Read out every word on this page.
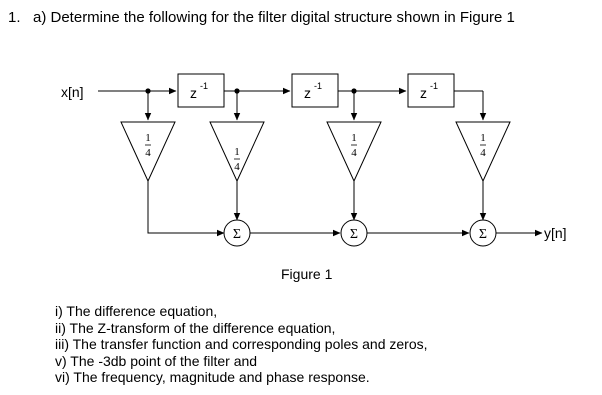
1. a) Determine the following for the filter digital structure shown in Figure 1
x[n]	z -1	z -1	z -1
1
4	1
4
1
4
1
4
Σ	Σ	Σ	y[n]
Figure 1
i) The difference equation,
ii) The Z-transform of the difference equation,
iii) The transfer function and corresponding poles and zeros,
v) The -3db point of the filter and
vi) The frequency, magnitude and phase response.
